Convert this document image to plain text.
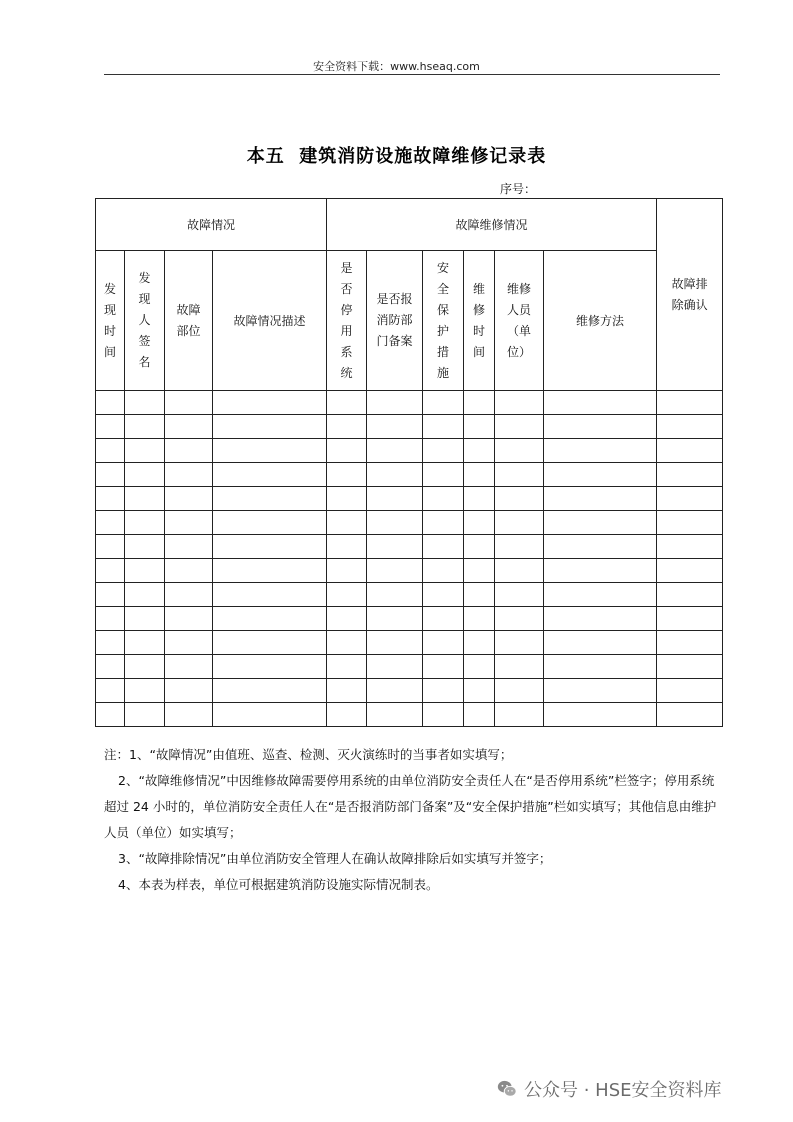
安全资料下载：www.hseaq.com
本五  建筑消防设施故障维修记录表
序号：
故障情况				故障维修情况						故障排除确认
发现时间	发现人签名	故障部位	故障情况描述	是否停用系统	是否报消防部门备案	安全保护措施	维修时间	维修人员（单位）	维修方法	

注：1、“故障情况”由值班、巡查、检测、灭火演练时的当事者如实填写；

2、“故障维修情况”中因维修故障需要停用系统的由单位消防安全责任人在“是否停用系统”栏签字；停用系统超过 24 小时的，单位消防安全责任人在“是否报消防部门备案”及“安全保护措施”栏如实填写；其他信息由维护人员（单位）如实填写；

3、“故障排除情况”由单位消防安全管理人在确认故障排除后如实填写并签字；

4、本表为样表，单位可根据建筑消防设施实际情况制表。

公众号 · HSE安全资料库
